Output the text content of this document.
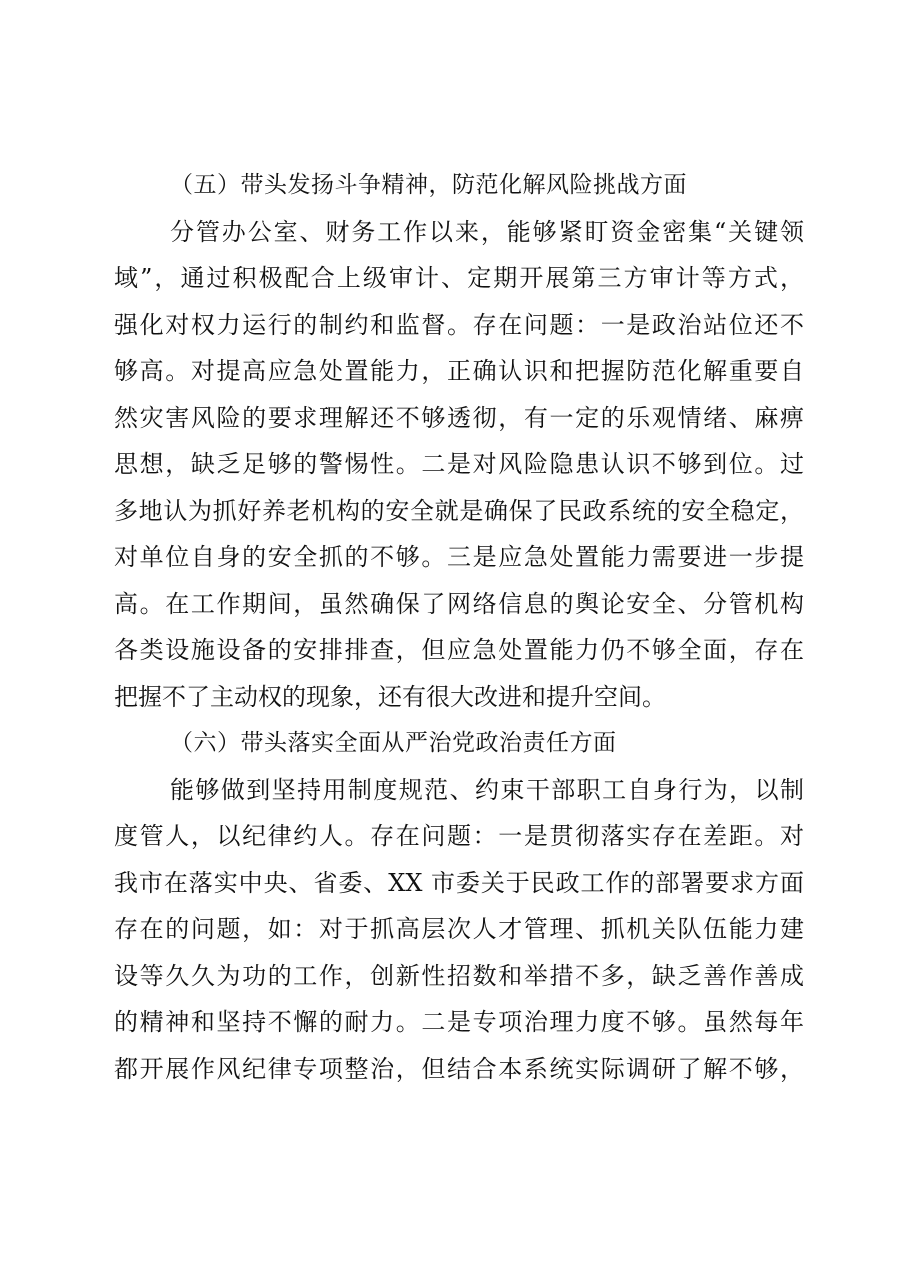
（五）带头发扬斗争精神，防范化解风险挑战方面

分管办公室、财务工作以来，能够紧盯资金密集“关键领
域”，通过积极配合上级审计、定期开展第三方审计等方式，
强化对权力运行的制约和监督。存在问题：一是政治站位还不
够高。对提高应急处置能力，正确认识和把握防范化解重要自
然灾害风险的要求理解还不够透彻，有一定的乐观情绪、麻痹
思想，缺乏足够的警惕性。二是对风险隐患认识不够到位。过
多地认为抓好养老机构的安全就是确保了民政系统的安全稳定，
对单位自身的安全抓的不够。三是应急处置能力需要进一步提
高。在工作期间，虽然确保了网络信息的舆论安全、分管机构
各类设施设备的安排排查，但应急处置能力仍不够全面，存在
把握不了主动权的现象，还有很大改进和提升空间。

（六）带头落实全面从严治党政治责任方面

能够做到坚持用制度规范、约束干部职工自身行为，以制
度管人，以纪律约人。存在问题：一是贯彻落实存在差距。对
我市在落实中央、省委、XX 市委关于民政工作的部署要求方面
存在的问题，如：对于抓高层次人才管理、抓机关队伍能力建
设等久久为功的工作，创新性招数和举措不多，缺乏善作善成
的精神和坚持不懈的耐力。二是专项治理力度不够。虽然每年
都开展作风纪律专项整治，但结合本系统实际调研了解不够，
